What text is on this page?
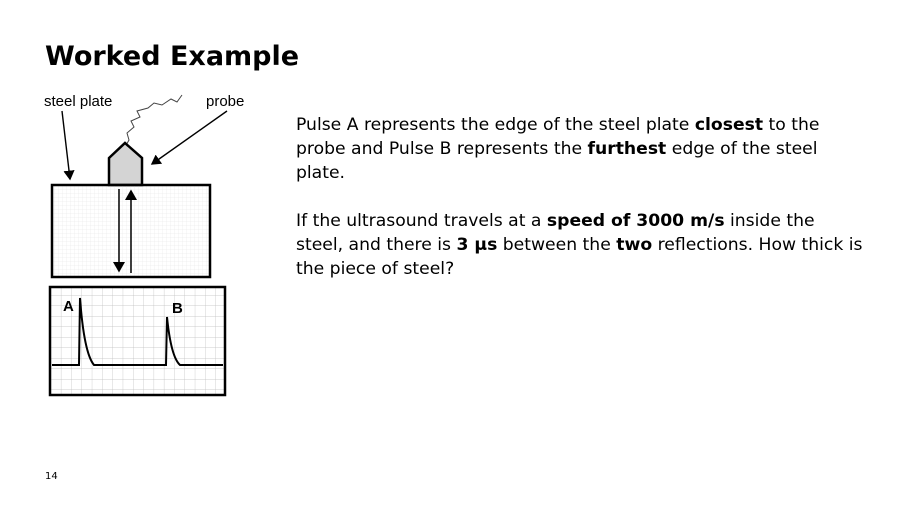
Worked Example
steel plate	probe
A	B

Pulse A represents the edge of the steel plate closest to the probe and Pulse B represents the furthest edge of the steel plate.

If the ultrasound travels at a speed of 3000 m/s inside the steel, and there is 3 μs between the two reflections. How thick is the piece of steel?

14
